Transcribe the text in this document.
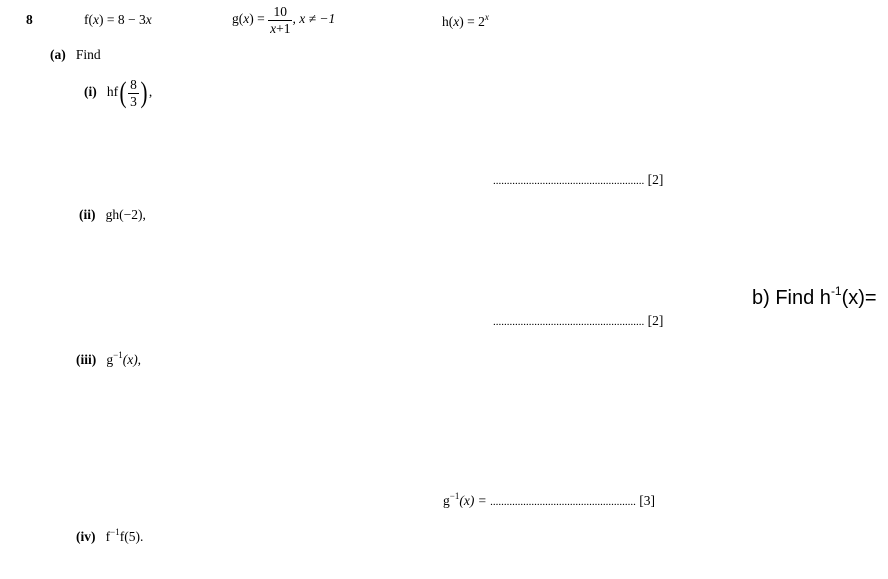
8	f(x) = 8 − 3x	$g(x) = \frac{10}{x+1}$ , x ≠ −1	$h(x) = 2^x$
(a) Find
(i) $hf( \frac{8}{3}$ ) ,
....................................................... [2]
(ii) gh(−2),
....................................................... [2]
b) Find $h^{-1}(x)=$
(iii) $g^{-1}(x)$,
$g^{-1}(x)$ = ..................................................... [3]
(iv) $f^{-1}f(5)$.
